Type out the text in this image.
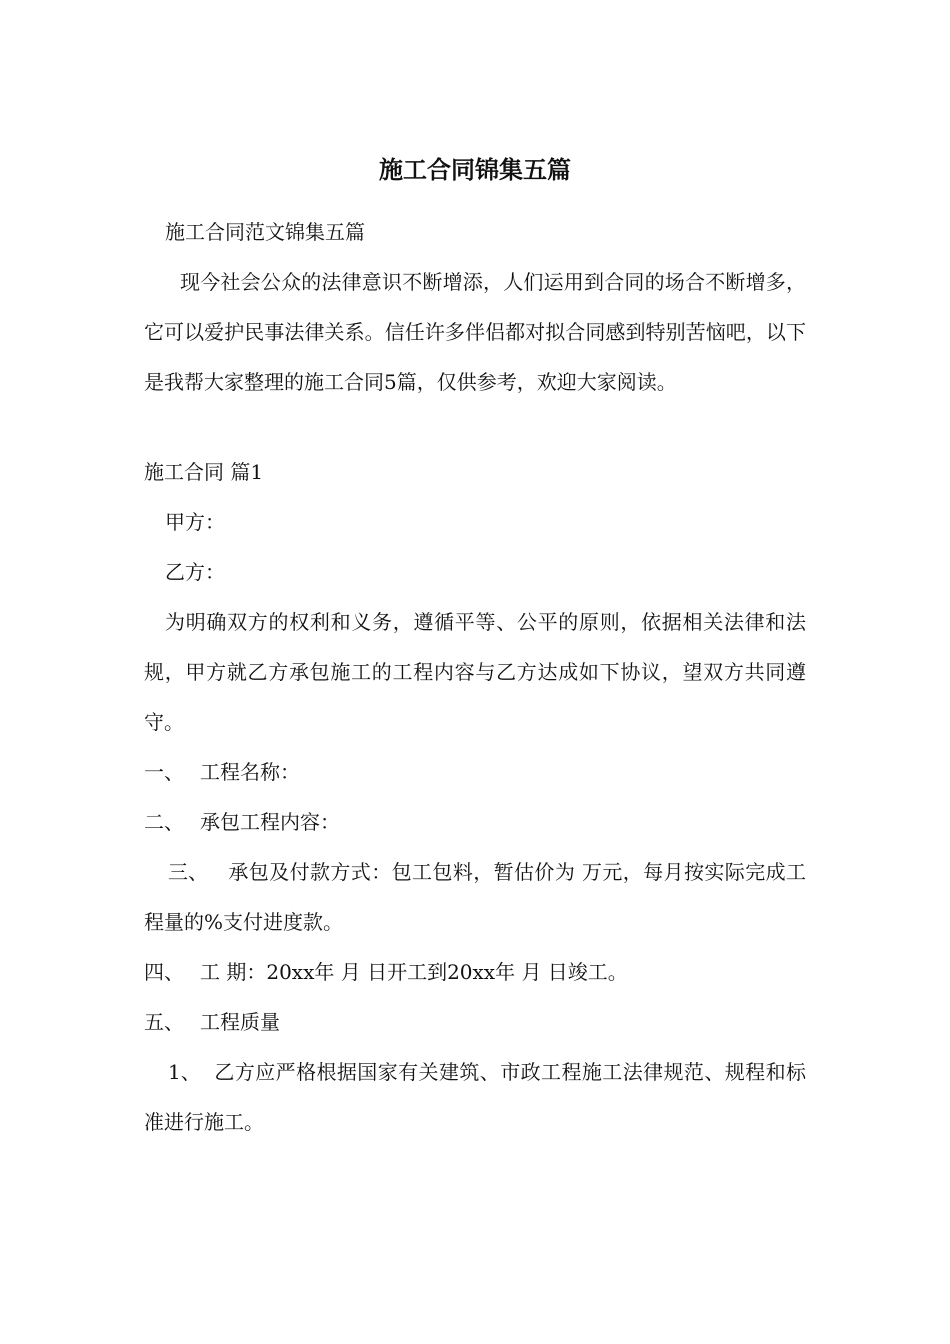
施工合同锦集五篇

施工合同范文锦集五篇

现今社会公众的法律意识不断增添，人们运用到合同的场合不断增多，它可以爱护民事法律关系。信任许多伴侣都对拟合同感到特别苦恼吧，以下是我帮大家整理的施工合同5篇，仅供参考，欢迎大家阅读。

施工合同 篇1

甲方：

乙方：

为明确双方的权利和义务，遵循平等、公平的原则，依据相关法律和法规，甲方就乙方承包施工的工程内容与乙方达成如下协议，望双方共同遵守。

一、 工程名称：

二、 承包工程内容：

三、 承包及付款方式：包工包料，暂估价为 万元，每月按实际完成工程量的%支付进度款。

四、 工 期：20xx年 月 日开工到20xx年 月 日竣工。

五、 工程质量

1、 乙方应严格根据国家有关建筑、市政工程施工法律规范、规程和标准进行施工。
